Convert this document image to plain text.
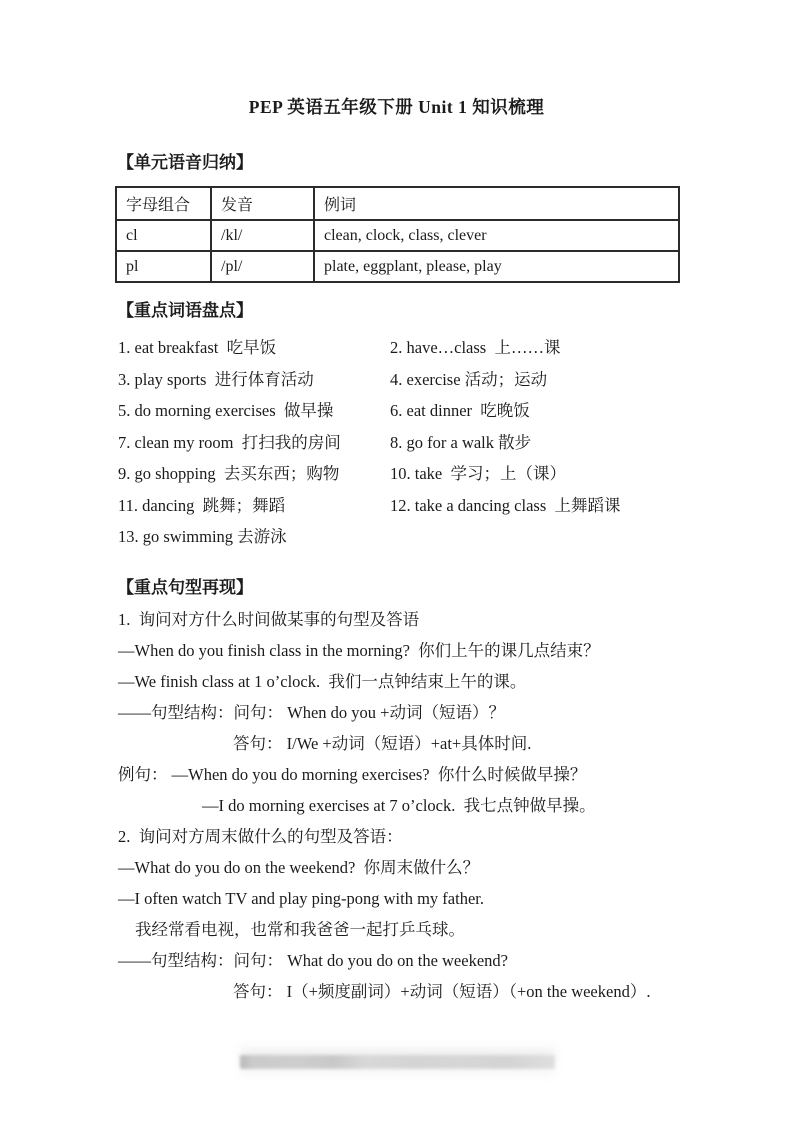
PEP 英语五年级下册 Unit 1 知识梳理
【单元语音归纳】
字母组合	发音	例词
cl	/kl/	clean, clock, class, clever
pl	/pl/	plate, eggplant, please, play
【重点词语盘点】
1. eat breakfast  吃早饭	2. have…class  上……课
3. play sports  进行体育活动	4. exercise 活动；运动
5. do morning exercises  做早操	6. eat dinner  吃晚饭
7. clean my room  打扫我的房间	8. go for a walk 散步
9. go shopping  去买东西；购物	10. take  学习；上（课）
11. dancing  跳舞；舞蹈	12. take a dancing class  上舞蹈课
13. go swimming 去游泳
【重点句型再现】
1.  询问对方什么时间做某事的句型及答语
—When do you finish class in the morning?  你们上午的课几点结束？
—We finish class at 1 o’clock.  我们一点钟结束上午的课。
——句型结构：问句： When do you +动词（短语）？
答句： I/We +动词（短语）+at+具体时间.
例句： —When do you do morning exercises?  你什么时候做早操？
—I do morning exercises at 7 o’clock.  我七点钟做早操。
2.  询问对方周末做什么的句型及答语：
—What do you do on the weekend?  你周末做什么？
—I often watch TV and play ping-pong with my father.
我经常看电视，也常和我爸爸一起打乒乓球。
——句型结构：问句： What do you do on the weekend?
答句： I（+频度副词）+动词（短语）（+on the weekend）.
